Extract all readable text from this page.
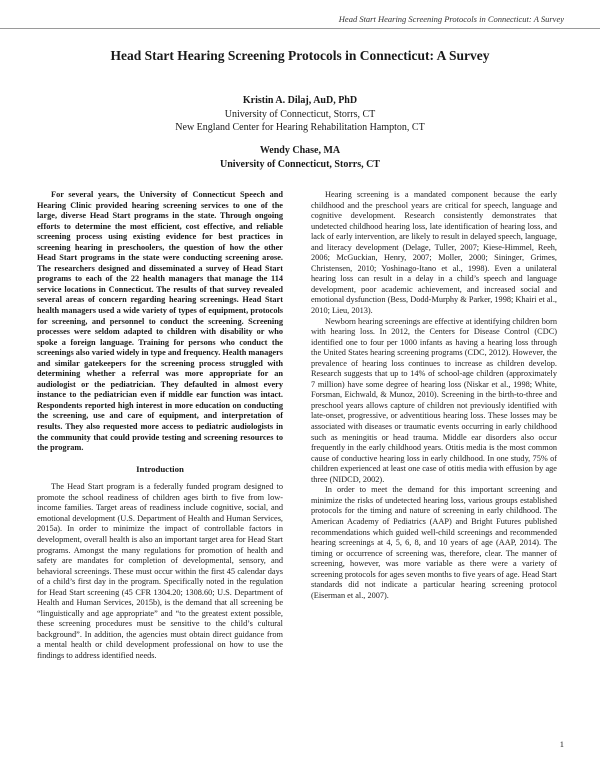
Head Start Hearing Screening Protocols in Connecticut: A Survey
Head Start Hearing Screening Protocols in Connecticut: A Survey
Kristin A. Dilaj, AuD, PhD
University of Connecticut, Storrs, CT
New England Center for Hearing Rehabilitation Hampton, CT
Wendy Chase, MA
University of Connecticut, Storrs, CT

For several years, the University of Connecticut Speech and Hearing Clinic provided hearing screening services to one of the large, diverse Head Start programs in the state. Through ongoing efforts to determine the most efficient, cost effective, and reliable screening process using existing evidence for best practices in screening hearing in preschoolers, the question of how the other Head Start programs in the state were conducting screening arose. The researchers designed and disseminated a survey of Head Start programs to each of the 22 health managers that manage the 114 service locations in Connecticut. The results of that survey revealed several areas of concern regarding hearing screenings. Head Start health managers used a wide variety of types of equipment, protocols for screening, and personnel to conduct the screening. Screening processes were seldom adapted to children with disability or who spoke a foreign language. Training for persons who conduct the screenings also varied widely in type and frequency. Health managers and similar gatekeepers for the screening process struggled with determining whether a referral was more appropriate for an audiologist or the pediatrician. They defaulted in almost every instance to the pediatrician even if middle ear function was intact. Respondents reported high interest in more education on conducting the screening, use and care of equipment, and interpretation of results. They also requested more access to pediatric audiologists in the community that could provide testing and screening resources to the program.

Introduction

The Head Start program is a federally funded program designed to promote the school readiness of children ages birth to five from low-income families. Target areas of readiness include cognitive, social, and emotional development (U.S. Department of Health and Human Services, 2015a). In order to minimize the impact of controllable factors in development, overall health is also an important target area for Head Start programs. Amongst the many regulations for promotion of health and safety are mandates for completion of developmental, sensory, and behavioral screenings. These must occur within the first 45 calendar days of a child’s first day in the program. Specifically noted in the regulation for Head Start screening (45 CFR 1304.20; 1308.60; U.S. Department of Health and Human Services, 2015b), is the demand that all screening be “linguistically and age appropriate” and “to the greatest extent possible, these screening procedures must be sensitive to the child’s cultural background”. In addition, the agencies must obtain direct guidance from a mental health or child development professional on how to use the findings to address identified needs.

Hearing screening is a mandated component because the early childhood and the preschool years are critical for speech, language and cognitive development. Research consistently demonstrates that undetected childhood hearing loss, late identification of hearing loss, and lack of early intervention, are likely to result in delayed speech, language, and literacy development (Delage, Tuller, 2007; Kiese-Himmel, Reeh, 2006; McGuckian, Henry, 2007; Moller, 2000; Sininger, Grimes, Christensen, 2010; Yoshinago-Itano et al., 1998). Even a unilateral hearing loss can result in a delay in a child’s speech and language development, poor academic achievement, and increased social and emotional dysfunction (Bess, Dodd-Murphy & Parker, 1998; Khairi et al., 2010; Lieu, 2013).

Newborn hearing screenings are effective at identifying children born with hearing loss. In 2012, the Centers for Disease Control (CDC) identified one to four per 1000 infants as having a hearing loss through the United States hearing screening programs (CDC, 2012). However, the prevalence of hearing loss continues to increase as children develop. Research suggests that up to 14% of school-age children (approximately 7 million) have some degree of hearing loss (Niskar et al., 1998; White, Forsman, Eichwald, & Munoz, 2010). Screening in the birth-to-three and preschool years allows capture of children not previously identified with late-onset, progressive, or adventitious hearing loss. These losses may be associated with diseases or traumatic events occurring in early childhood such as meningitis or head trauma. Middle ear disorders also occur frequently in the early childhood years. Otitis media is the most common cause of conductive hearing loss in early childhood. In one study, 75% of children experienced at least one case of otitis media with effusion by age three (NIDCD, 2002).

In order to meet the demand for this important screening and minimize the risks of undetected hearing loss, various groups established protocols for the timing and nature of screening in early childhood. The American Academy of Pediatrics (AAP) and Bright Futures published recommendations which guided well-child screenings and recommended hearing screenings at 4, 5, 6, 8, and 10 years of age (AAP, 2014). The timing or occurrence of screening was, therefore, clear. The manner of screening, however, was more variable as there were a variety of screening protocols for ages seven months to five years of age. Head Start standards did not indicate a particular hearing screening protocol (Eiserman et al., 2007).

1
